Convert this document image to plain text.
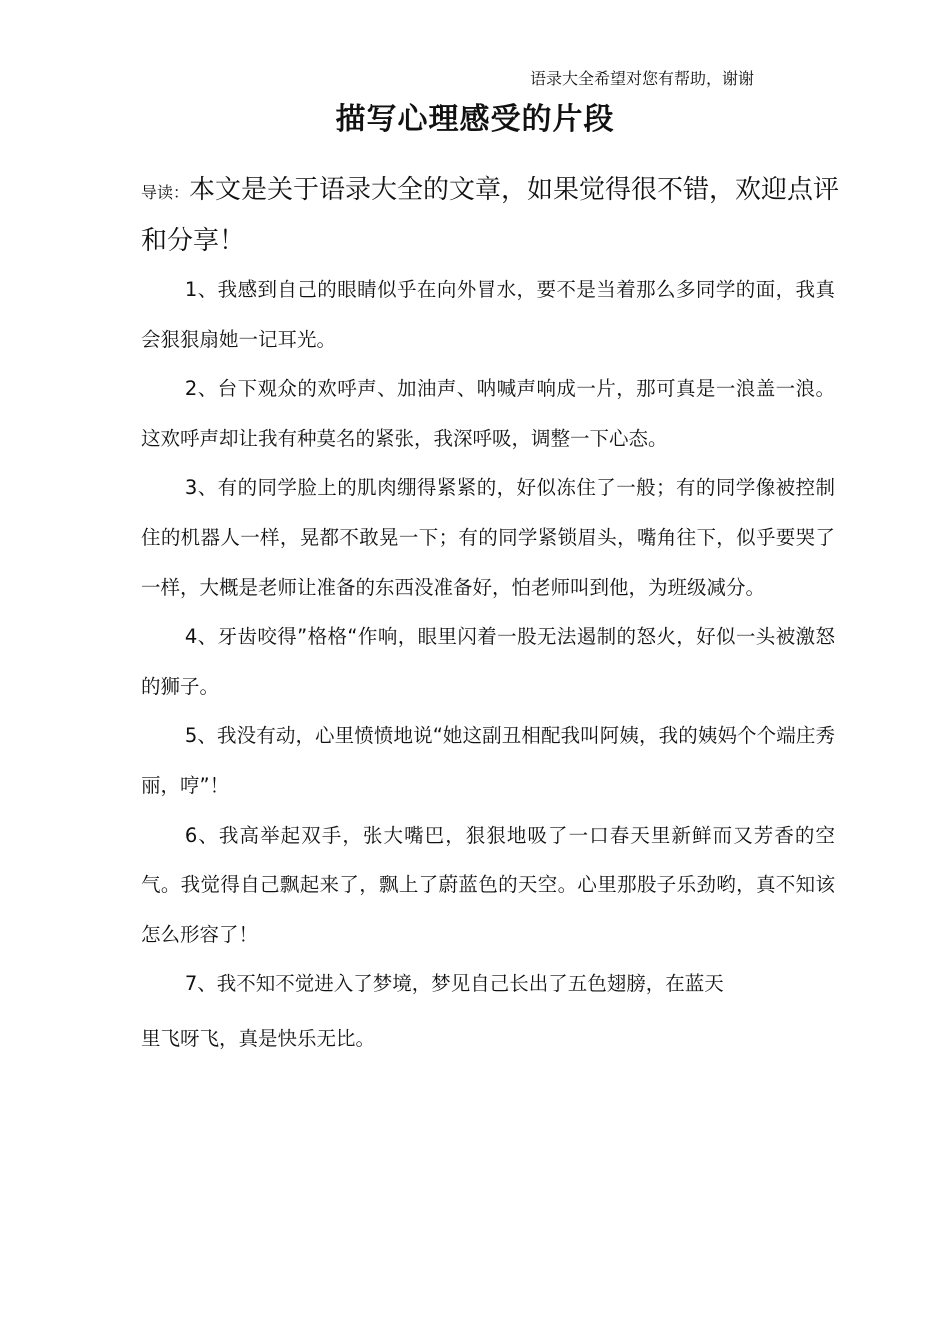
语录大全希望对您有帮助，谢谢
描写心理感受的片段

导读：本文是关于语录大全的文章，如果觉得很不错，欢迎点评和分享！

1、我感到自己的眼睛似乎在向外冒水，要不是当着那么多同学的面，我真会狠狠扇她一记耳光。

2、台下观众的欢呼声、加油声、呐喊声响成一片，那可真是一浪盖一浪。这欢呼声却让我有种莫名的紧张，我深呼吸，调整一下心态。

3、有的同学脸上的肌肉绷得紧紧的，好似冻住了一般；有的同学像被控制住的机器人一样，晃都不敢晃一下；有的同学紧锁眉头，嘴角往下，似乎要哭了一样，大概是老师让准备的东西没准备好，怕老师叫到他，为班级减分。

4、牙齿咬得”格格“作响，眼里闪着一股无法遏制的怒火，好似一头被激怒的狮子。

5、我没有动，心里愤愤地说“她这副丑相配我叫阿姨，我的姨妈个个端庄秀丽，哼”！

6、我高举起双手，张大嘴巴，狠狠地吸了一口春天里新鲜而又芳香的空气。我觉得自己飘起来了，飘上了蔚蓝色的天空。心里那股子乐劲哟，真不知该怎么形容了！

7、我不知不觉进入了梦境，梦见自己长出了五色翅膀，在蓝天
里飞呀飞，真是快乐无比。
